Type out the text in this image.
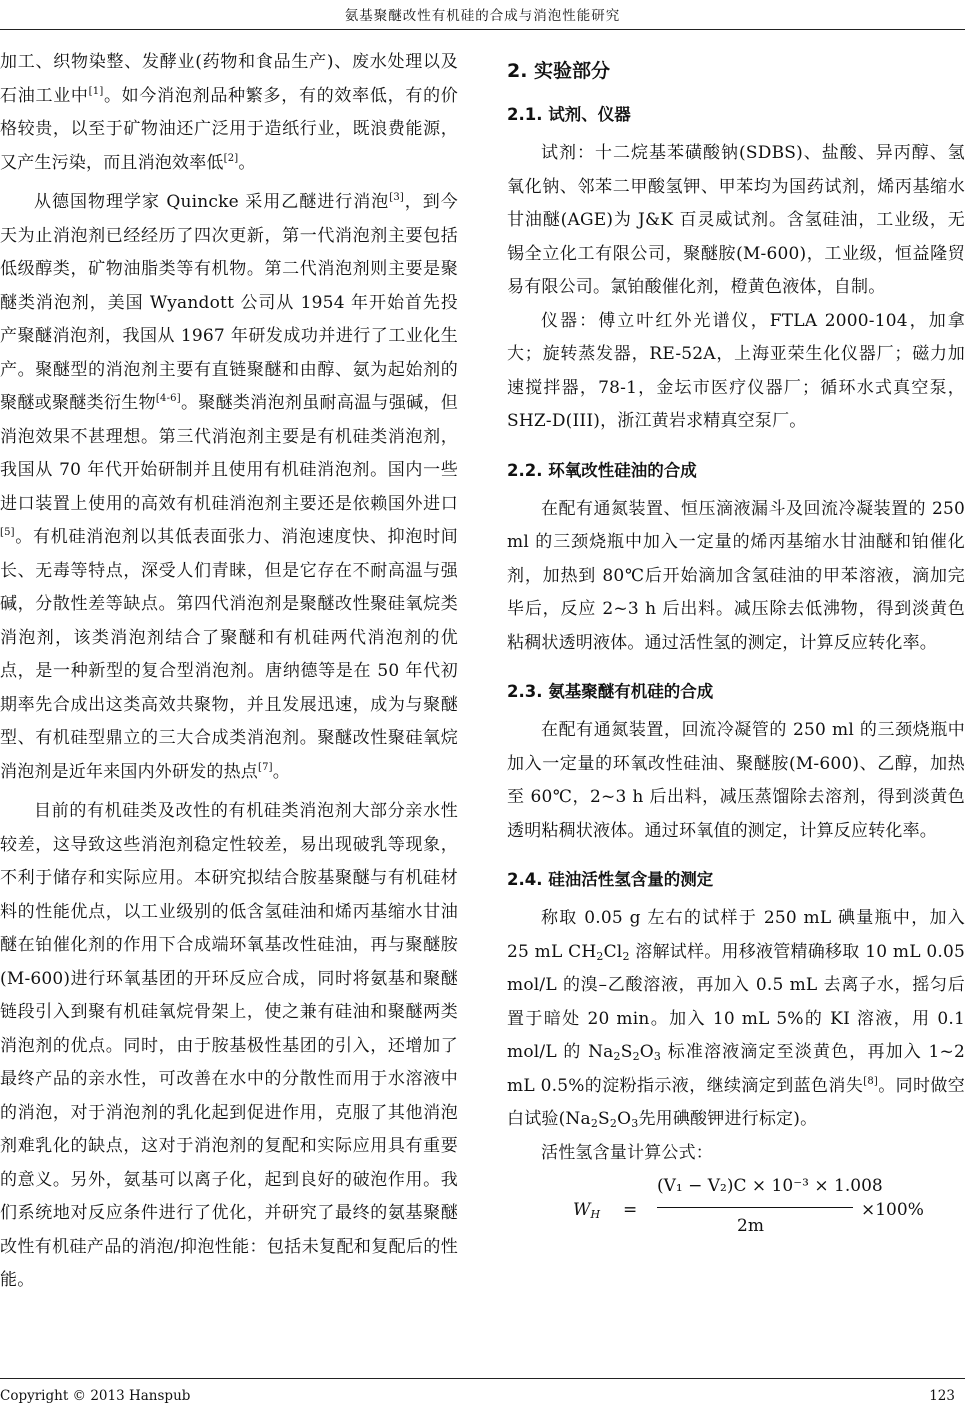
氨基聚醚改性有机硅的合成与消泡性能研究

加工、织物染整、发酵业(药物和食品生产)、废水处理以及石油工业中[1]。如今消泡剂品种繁多，有的效率低，有的价格较贵，以至于矿物油还广泛用于造纸行业，既浪费能源，又产生污染，而且消泡效率低[2]。

从德国物理学家 Quincke 采用乙醚进行消泡[3]，到今天为止消泡剂已经经历了四次更新，第一代消泡剂主要包括低级醇类，矿物油脂类等有机物。第二代消泡剂则主要是聚醚类消泡剂，美国 Wyandott 公司从 1954 年开始首先投产聚醚消泡剂，我国从 1967 年研发成功并进行了工业化生产。聚醚型的消泡剂主要有直链聚醚和由醇、氨为起始剂的聚醚或聚醚类衍生物[4-6]。聚醚类消泡剂虽耐高温与强碱，但消泡效果不甚理想。第三代消泡剂主要是有机硅类消泡剂，我国从 70 年代开始研制并且使用有机硅消泡剂。国内一些进口装置上使用的高效有机硅消泡剂主要还是依赖国外进口[5]。有机硅消泡剂以其低表面张力、消泡速度快、抑泡时间长、无毒等特点，深受人们青睐，但是它存在不耐高温与强碱，分散性差等缺点。第四代消泡剂是聚醚改性聚硅氧烷类消泡剂，该类消泡剂结合了聚醚和有机硅两代消泡剂的优点，是一种新型的复合型消泡剂。唐纳德等是在 50 年代初期率先合成出这类高效共聚物，并且发展迅速，成为与聚醚型、有机硅型鼎立的三大合成类消泡剂。聚醚改性聚硅氧烷消泡剂是近年来国内外研发的热点[7]。

目前的有机硅类及改性的有机硅类消泡剂大部分亲水性较差，这导致这些消泡剂稳定性较差，易出现破乳等现象，不利于储存和实际应用。本研究拟结合胺基聚醚与有机硅材料的性能优点，以工业级别的低含氢硅油和烯丙基缩水甘油醚在铂催化剂的作用下合成端环氧基改性硅油，再与聚醚胺(M-600)进行环氧基团的开环反应合成，同时将氨基和聚醚链段引入到聚有机硅氧烷骨架上，使之兼有硅油和聚醚两类消泡剂的优点。同时，由于胺基极性基团的引入，还增加了最终产品的亲水性，可改善在水中的分散性而用于水溶液中的消泡，对于消泡剂的乳化起到促进作用，克服了其他消泡剂难乳化的缺点，这对于消泡剂的复配和实际应用具有重要的意义。另外，氨基可以离子化，起到良好的破泡作用。我们系统地对反应条件进行了优化，并研究了最终的氨基聚醚改性有机硅产品的消泡/抑泡性能：包括未复配和复配后的性能。

2. 实验部分
2.1. 试剂、仪器

试剂：十二烷基苯磺酸钠(SDBS)、盐酸、异丙醇、氢氧化钠、邻苯二甲酸氢钾、甲苯均为国药试剂，烯丙基缩水甘油醚(AGE)为 J&K 百灵威试剂。含氢硅油，工业级，无锡全立化工有限公司，聚醚胺(M-600)，工业级，恒益隆贸易有限公司。氯铂酸催化剂，橙黄色液体，自制。

仪器：傅立叶红外光谱仪，FTLA 2000-104，加拿大；旋转蒸发器，RE-52A，上海亚荣生化仪器厂；磁力加速搅拌器，78-1，金坛市医疗仪器厂；循环水式真空泵，SHZ-D(III)，浙江黄岩求精真空泵厂。

2.2. 环氧改性硅油的合成

在配有通氮装置、恒压滴液漏斗及回流冷凝装置的 250 ml 的三颈烧瓶中加入一定量的烯丙基缩水甘油醚和铂催化剂，加热到 80℃后开始滴加含氢硅油的甲苯溶液，滴加完毕后，反应 2~3 h 后出料。减压除去低沸物，得到淡黄色粘稠状透明液体。通过活性氢的测定，计算反应转化率。

2.3. 氨基聚醚有机硅的合成

在配有通氮装置，回流冷凝管的 250 ml 的三颈烧瓶中加入一定量的环氧改性硅油、聚醚胺(M-600)、乙醇，加热至 60℃，2~3 h 后出料，减压蒸馏除去溶剂，得到淡黄色透明粘稠状液体。通过环氧值的测定，计算反应转化率。

2.4. 硅油活性氢含量的测定

称取 0.05 g 左右的试样于 250 mL 碘量瓶中，加入 25 mL $CH_2Cl_2$ 溶解试样。用移液管精确移取 10 mL 0.05 mol/L 的溴–乙酸溶液，再加入 0.5 mL 去离子水，摇匀后置于暗处 20 min。加入 10 mL 5%的 KI 溶液，用 0.1 mol/L 的 $Na_2S_2O_3$ 标准溶液滴定至淡黄色，再加入 1~2 mL 0.5%的淀粉指示液，继续滴定到蓝色消失[8]。同时做空白试验($Na_2S_2O_3$先用碘酸钾进行标定)。

活性氢含量计算公式：

$W_H$ =
(V₁ − V₂)C × 10⁻³ × 1.008
2m
×100%
Copyright © 2013 Hanspub	123
